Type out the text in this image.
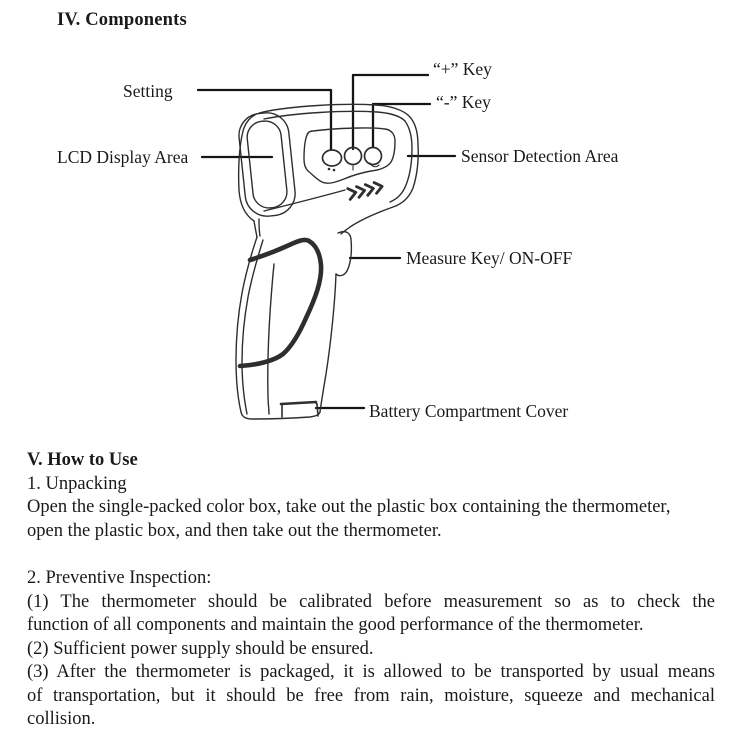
IV. Components
Setting
“+” Key
“-” Key
LCD Display Area	Sensor Detection Area
Measure Key/ ON-OFF
Battery Compartment Cover
V. How to Use
1. Unpacking
Open the single-packed color box, take out the plastic box containing the thermometer,
open the plastic box, and then take out the thermometer.
2. Preventive Inspection:
(1) The thermometer should be calibrated before measurement so as to check the
function of all components and maintain the good performance of the thermometer.
(2) Sufficient power supply should be ensured.
(3) After the thermometer is packaged, it is allowed to be transported by usual means
of transportation, but it should be free from rain, moisture, squeeze and mechanical
collision.
